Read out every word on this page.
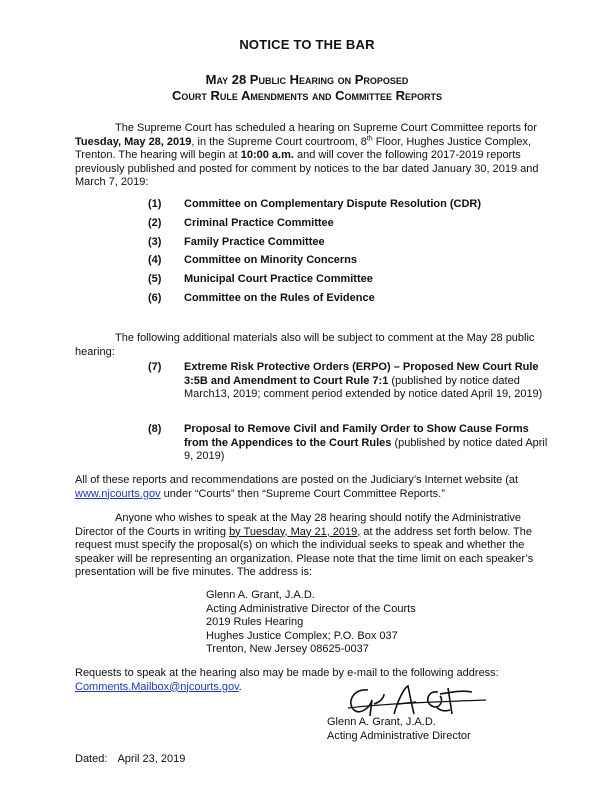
NOTICE TO THE BAR
May 28 Public Hearing on Proposed
Court Rule Amendments and Committee Reports
The Supreme Court has scheduled a hearing on Supreme Court Committee reports for Tuesday, May 28, 2019, in the Supreme Court courtroom, 8th Floor, Hughes Justice Complex, Trenton. The hearing will begin at 10:00 a.m. and will cover the following 2017-2019 reports previously published and posted for comment by notices to the bar dated January 30, 2019 and March 7, 2019:
(1) Committee on Complementary Dispute Resolution (CDR)
(2) Criminal Practice Committee
(3) Family Practice Committee
(4) Committee on Minority Concerns
(5) Municipal Court Practice Committee
(6) Committee on the Rules of Evidence
The following additional materials also will be subject to comment at the May 28 public hearing:
(7)	Extreme Risk Protective Orders (ERPO) – Proposed New Court Rule 3:5B and Amendment to Court Rule 7:1 (published by notice dated March13, 2019; comment period extended by notice dated April 19, 2019)
(8)	Proposal to Remove Civil and Family Order to Show Cause Forms from the Appendices to the Court Rules (published by notice dated April 9, 2019)
All of these reports and recommendations are posted on the Judiciary’s Internet website (at www.njcourts.gov under “Courts” then “Supreme Court Committee Reports.”
Anyone who wishes to speak at the May 28 hearing should notify the Administrative Director of the Courts in writing by Tuesday, May 21, 2019, at the address set forth below. The request must specify the proposal(s) on which the individual seeks to speak and whether the speaker will be representing an organization. Please note that the time limit on each speaker’s presentation will be five minutes. The address is:
Glenn A. Grant, J.A.D.
Acting Administrative Director of the Courts
2019 Rules Hearing
Hughes Justice Complex; P.O. Box 037
Trenton, New Jersey 08625-0037
Requests to speak at the hearing also may be made by e-mail to the following address:
Comments.Mailbox@njcourts.gov.
Glenn A. Grant, J.A.D.
Acting Administrative Director
Dated: April 23, 2019
